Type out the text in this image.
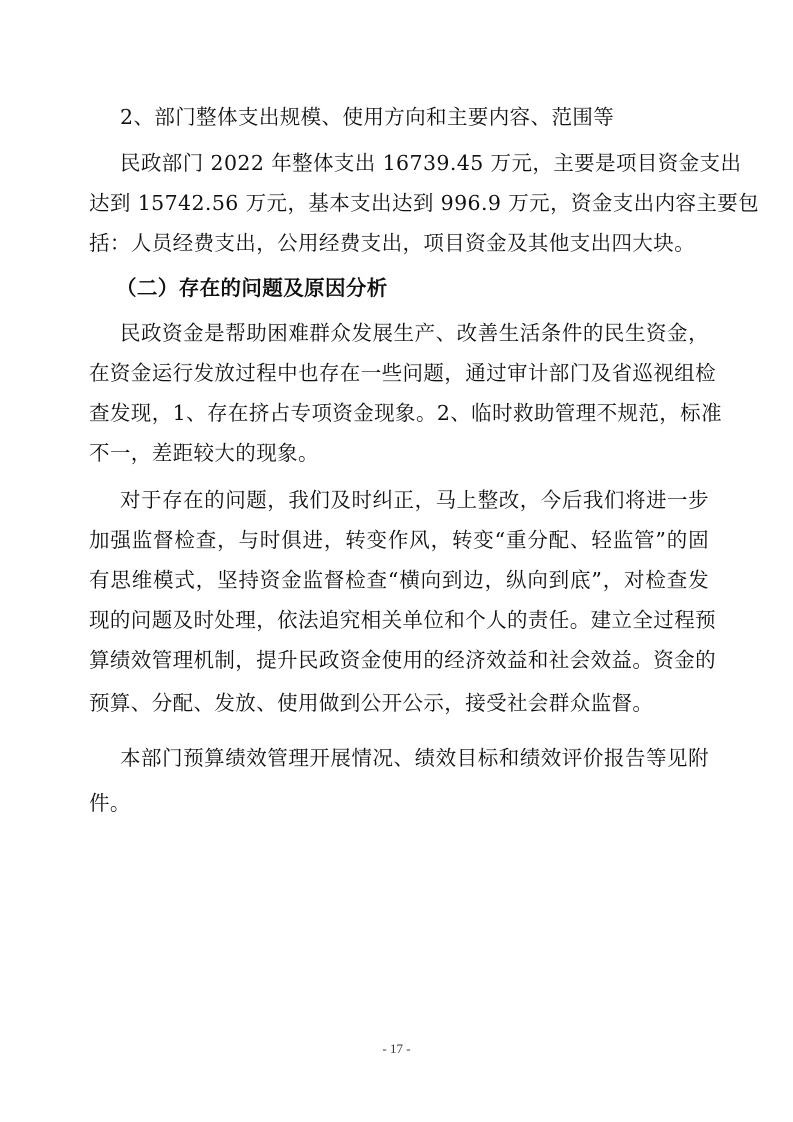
2、部门整体支出规模、使用方向和主要内容、范围等
民政部门 2022 年整体支出 16739.45 万元，主要是项目资金支出
达到 15742.56 万元，基本支出达到 996.9 万元，资金支出内容主要包
括：人员经费支出，公用经费支出，项目资金及其他支出四大块。
（二）存在的问题及原因分析
民政资金是帮助困难群众发展生产、改善生活条件的民生资金，
在资金运行发放过程中也存在一些问题，通过审计部门及省巡视组检
查发现，1、存在挤占专项资金现象。2、临时救助管理不规范，标准
不一，差距较大的现象。
对于存在的问题，我们及时纠正，马上整改，今后我们将进一步
加强监督检查，与时俱进，转变作风，转变“重分配、轻监管”的固
有思维模式，坚持资金监督检查“横向到边，纵向到底”，对检查发
现的问题及时处理，依法追究相关单位和个人的责任。建立全过程预
算绩效管理机制，提升民政资金使用的经济效益和社会效益。资金的
预算、分配、发放、使用做到公开公示，接受社会群众监督。
本部门预算绩效管理开展情况、绩效目标和绩效评价报告等见附
件。
- 17 -
